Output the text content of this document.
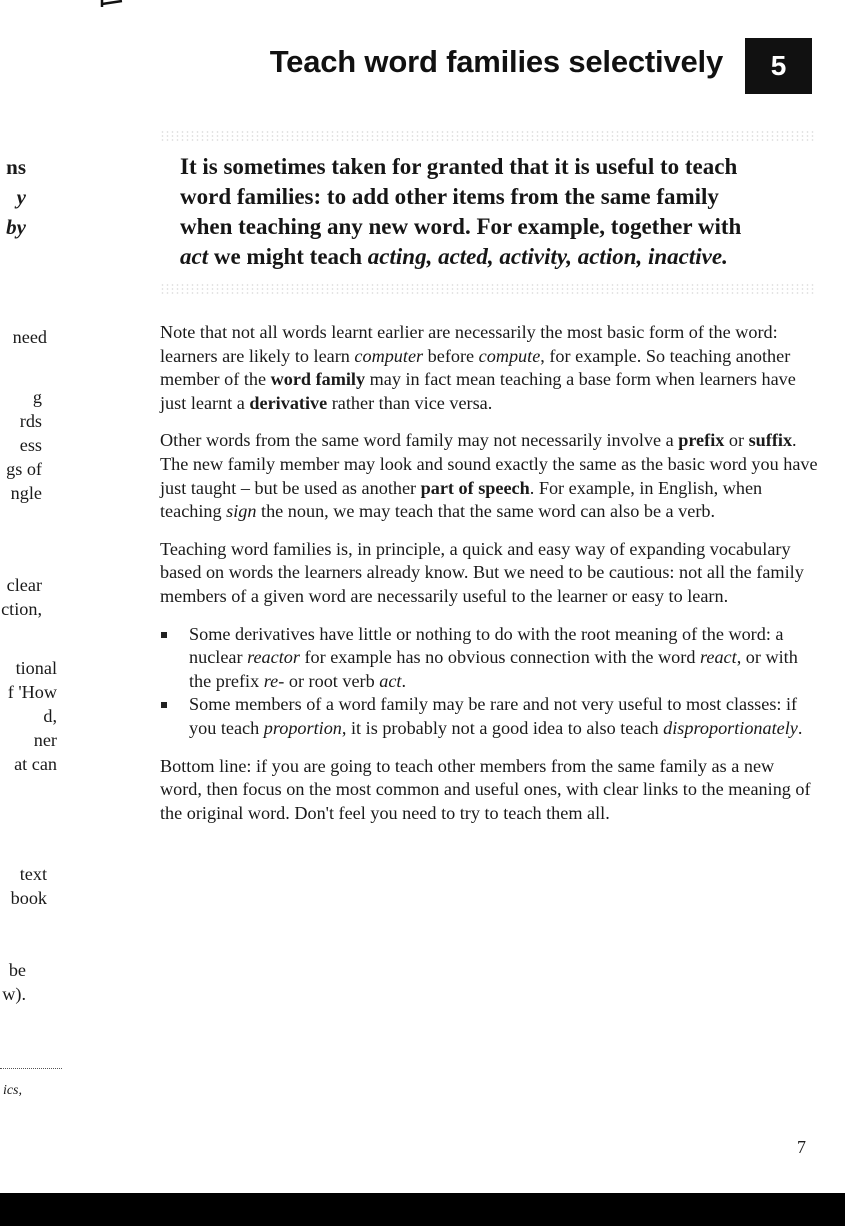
Teach word families selectively	5

It is sometimes taken for granted that it is useful to teach
word families: to add other items from the same family
when teaching any new word. For example, together with
act we might teach acting, acted, activity, action, inactive.

Note that not all words learnt earlier are necessarily the most basic form of the word: learners are likely to learn computer before compute, for example. So teaching another member of the word family may in fact mean teaching a base form when learners have just learnt a derivative rather than vice versa.

Other words from the same word family may not necessarily involve a prefix or suffix. The new family member may look and sound exactly the same as the basic word you have just taught – but be used as another part of speech. For example, in English, when teaching sign the noun, we may teach that the same word can also be a verb.

Teaching word families is, in principle, a quick and easy way of expanding vocabulary based on words the learners already know. But we need to be cautious: not all the family members of a given word are necessarily useful to the learner or easy to learn.

Some derivatives have little or nothing to do with the root meaning of the word: a nuclear reactor for example has no obvious connection with the word react, or with the prefix re- or root verb act.
Some members of a word family may be rare and not very useful to most classes: if you teach proportion, it is probably not a good idea to also teach disproportionately.

Bottom line: if you are going to teach other members from the same family as a new word, then focus on the most common and useful ones, with clear links to the meaning of the original word. Don't feel you need to try to teach them all.

ns
y
by
need
g
rds
ess
gs of
ngle
clear
ction,
tional
f 'How
d,
ner
at can
text
book
be
w).
ics,
7
